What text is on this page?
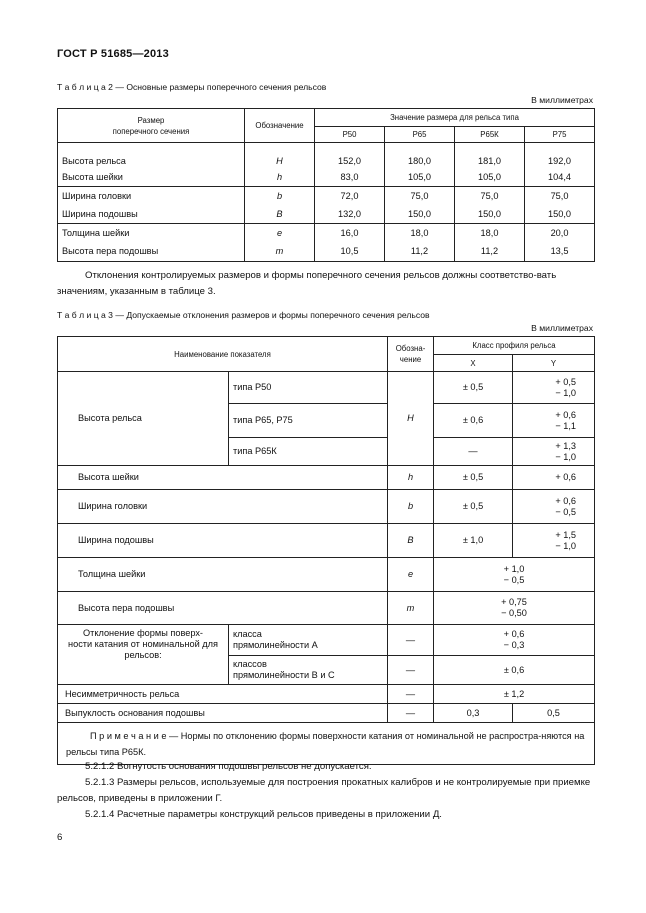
ГОСТ Р 51685—2013
Т а б л и ц а 2 — Основные размеры поперечного сечения рельсов
В миллиметрах
Размер
поперечного сечения	Обозначение	Значение размера для рельса типа			
		Р50	Р65	Р65К	Р75
Высота рельса	H	152,0	180,0	181,0	192,0
Высота шейки	h	83,0	105,0	105,0	104,4
Ширина головки	b	72,0	75,0	75,0	75,0
Ширина подошвы	B	132,0	150,0	150,0	150,0
Толщина шейки	e	16,0	18,0	18,0	20,0
Высота пера подошвы	m	10,5	11,2	11,2	13,5
Отклонения контролируемых размеров и формы поперечного сечения рельсов должны соответство-вать значениям, указанным в таблице 3.
Т а б л и ц а 3 — Допускаемые отклонения размеров и формы поперечного сечения рельсов
В миллиметрах
Наименование показателя		Обозна-
чение	Класс профиля рельса	
			X	Y
Высота рельса	типа Р50	H	± 0,5	+ 0,5
− 1,0
	типа Р65, Р75		± 0,6	+ 0,6
− 1,1
	типа Р65К		—	+ 1,3
− 1,0
Высота шейки		h	± 0,5	+ 0,6
Ширина головки		b	± 0,5	+ 0,6
− 0,5
Ширина подошвы		B	± 1,0	+ 1,5
− 1,0
Толщина шейки		e	+ 1,0
− 0,5	
Высота пера подошвы		m	+ 0,75
− 0,50	
Отклонение формы поверх-
ности катания от номинальной для
рельсов:	класса
прямолинейности А	—	+ 0,6
− 0,3	
	классов
прямолинейности В и С	—	± 0,6	
Несимметричность рельса		—	± 1,2	
Выпуклость основания подошвы		—	0,3	0,5
П р и м е ч а н и е — Нормы по отклонению формы поверхности катания от номинальной не распростра-няются на рельсы типа Р65К.				
5.2.1.2 Вогнутость основания подошвы рельсов не допускается.
5.2.1.3 Размеры рельсов, используемые для построения прокатных калибров и не контролируемые при приемке рельсов, приведены в приложении Г.
5.2.1.4 Расчетные параметры конструкций рельсов приведены в приложении Д.
6
